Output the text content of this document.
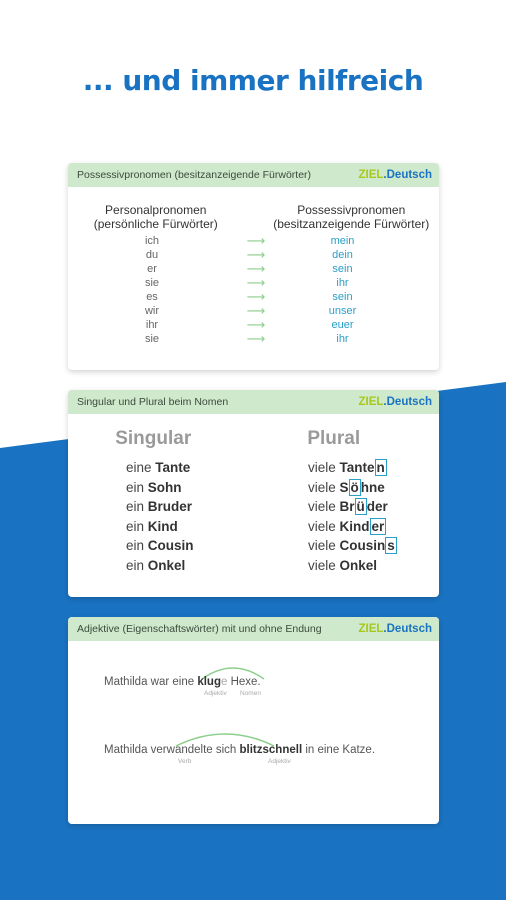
... und immer hilfreich
Possessivpronomen (besitzanzeigende Fürwörter)	ZIEL.Deutsch
Personalpronomen
(persönliche Fürwörter)
Possessivpronomen
(besitzanzeigende Fürwörter)
ich	⟶	mein
du	⟶	dein
er	⟶	sein
sie	⟶	ihr
es	⟶	sein
wir	⟶	unser
ihr	⟶	euer
sie	⟶	ihr
Singular und Plural beim Nomen	ZIEL.Deutsch
Singular	Plural
eine Tante	viele Tante n
ein Sohn	viele S ö hne
ein Bruder	viele Br ü der
ein Kind	viele Kind er
ein Cousin	viele Cousin s
ein Onkel	viele Onkel
Adjektive (Eigenschaftswörter) mit und ohne Endung	ZIEL.Deutsch
Mathilda war eine kluge Hexe.
Adjektiv Nomen
Mathilda verwandelte sich blitzschnell in eine Katze.
Verb	Adjektiv
